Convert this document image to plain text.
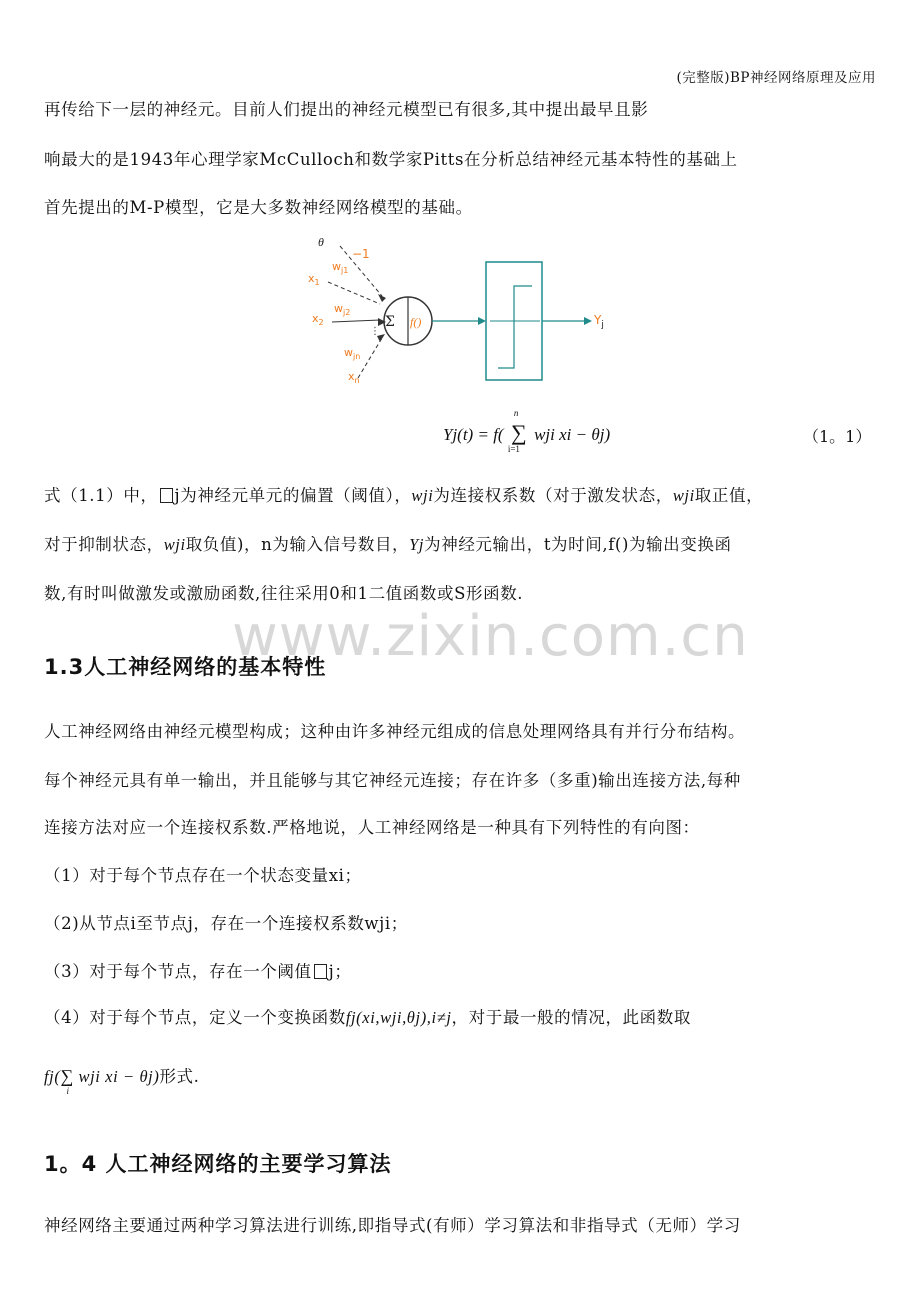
(完整版)BP神经网络原理及应用
再传给下一层的神经元。目前人们提出的神经元模型已有很多,其中提出最早且影
响最大的是1943年心理学家McCulloch和数学家Pitts在分析总结神经元基本特性的基础上
首先提出的M-P模型，它是大多数神经网络模型的基础。
⋮
Σ f()
θ
−1
$w_{j1}$
$x_1$
$w_{j2}$
$x_2$
$w_{jn}$
$x_n$
$Y_j$
Yj(t) = f(
n
∑
i=1
wji xi − θj)	（1。1）
式（1.1）中， j为神经元单元的偏置（阈值），wji为连接权系数（对于激发状态，wji取正值，
对于抑制状态，wji取负值)，n为输入信号数目，Yj为神经元输出，t为时间,f()为输出变换函
数,有时叫做激发或激励函数,往往采用0和1二值函数或S形函数.
www.zixin.com.cn
1.3人工神经网络的基本特性
人工神经网络由神经元模型构成；这种由许多神经元组成的信息处理网络具有并行分布结构。
每个神经元具有单一输出，并且能够与其它神经元连接；存在许多（多重)输出连接方法,每种
连接方法对应一个连接权系数.严格地说，人工神经网络是一种具有下列特性的有向图：
（1）对于每个节点存在一个状态变量xi；
（2)从节点i至节点j，存在一个连接权系数wji；
（3）对于每个节点，存在一个阈值 j；
（4）对于每个节点，定义一个变换函数fj(xi,wji,θj),i≠j，对于最一般的情况，此函数取
fj(∑
i
wji xi − θj)形式.
1。4 人工神经网络的主要学习算法
神经网络主要通过两种学习算法进行训练,即指导式(有师）学习算法和非指导式（无师）学习
